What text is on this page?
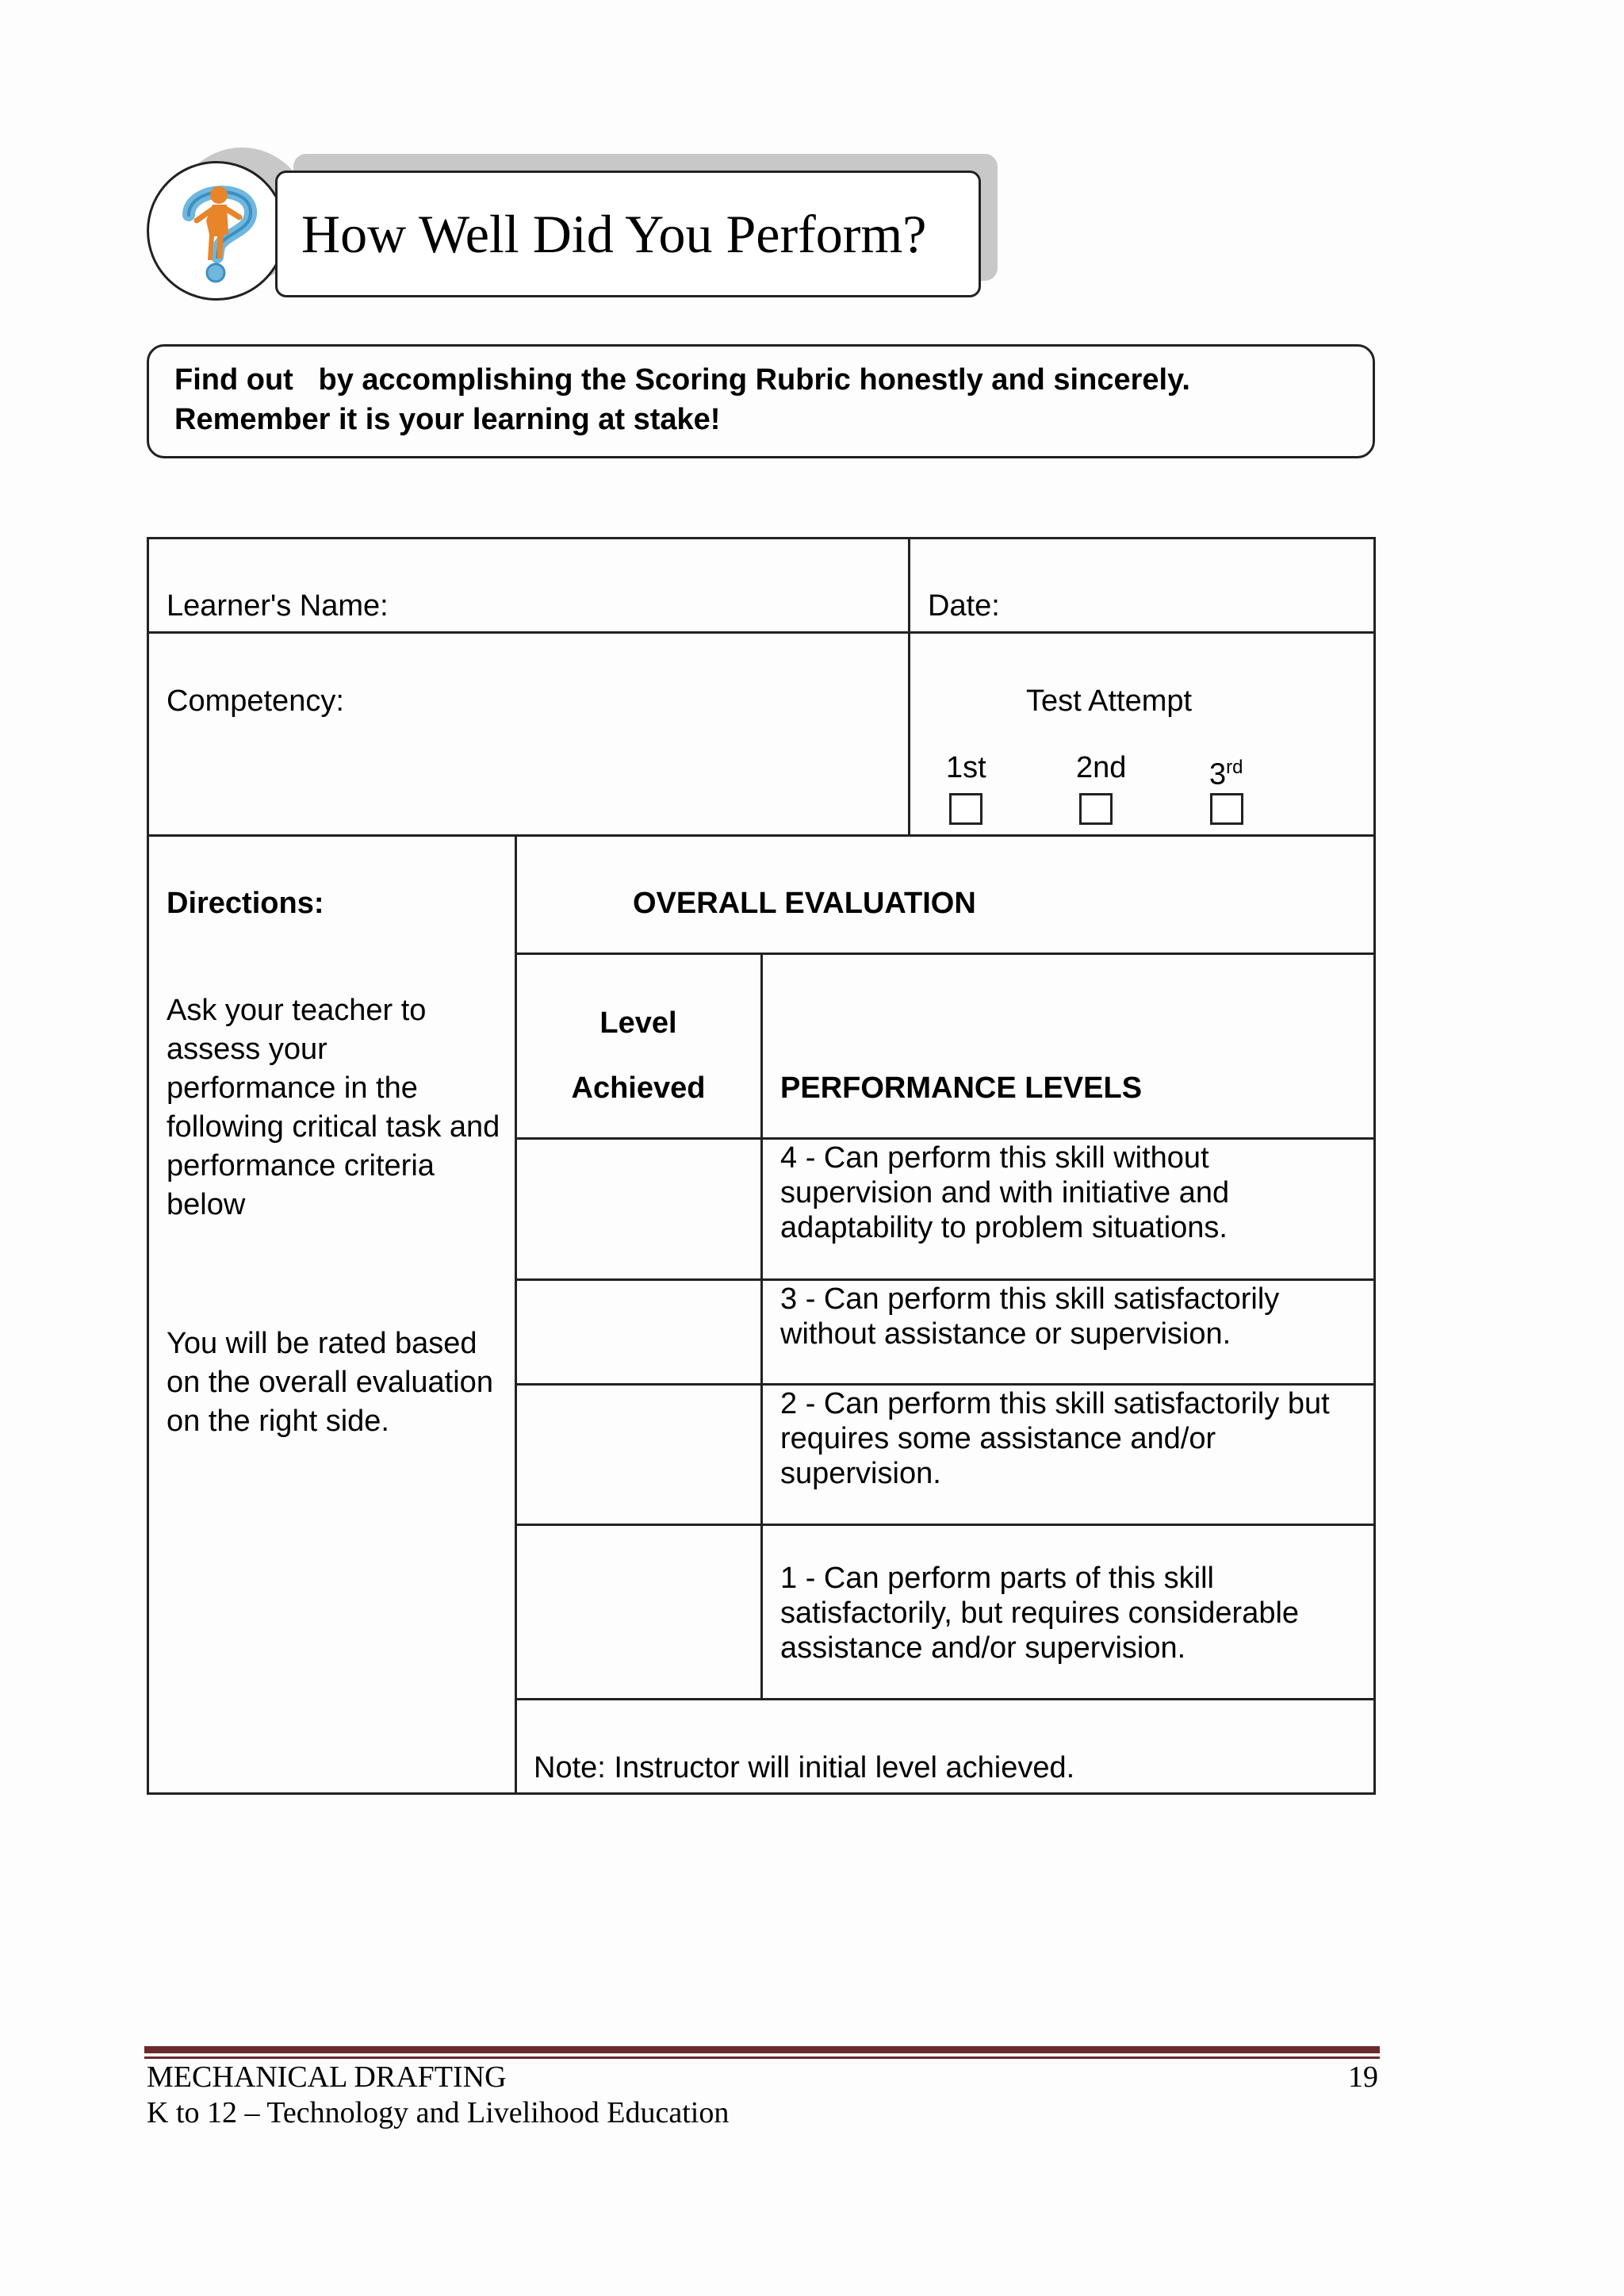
How Well Did You Perform?
Find out   by accomplishing the Scoring Rubric honestly and sincerely.
Remember it is your learning at stake!
Learner's Name:	Date:
Competency:	Test Attempt
1st	2nd	3rd
Directions:
Ask your teacher to assess your performance in the following critical task and performance criteria below
You will be rated based on the overall evaluation on the right side.
OVERALL EVALUATION
Level
Achieved	PERFORMANCE LEVELS
4 - Can perform this skill without supervision and with initiative and adaptability to problem situations.
3 - Can perform this skill satisfactorily without assistance or supervision.
2 - Can perform this skill satisfactorily but requires some assistance and/or supervision.
1 - Can perform parts of this skill satisfactorily, but requires considerable assistance and/or supervision.
Note: Instructor will initial level achieved.
MECHANICAL DRAFTING
K to 12 – Technology and Livelihood Education
19
